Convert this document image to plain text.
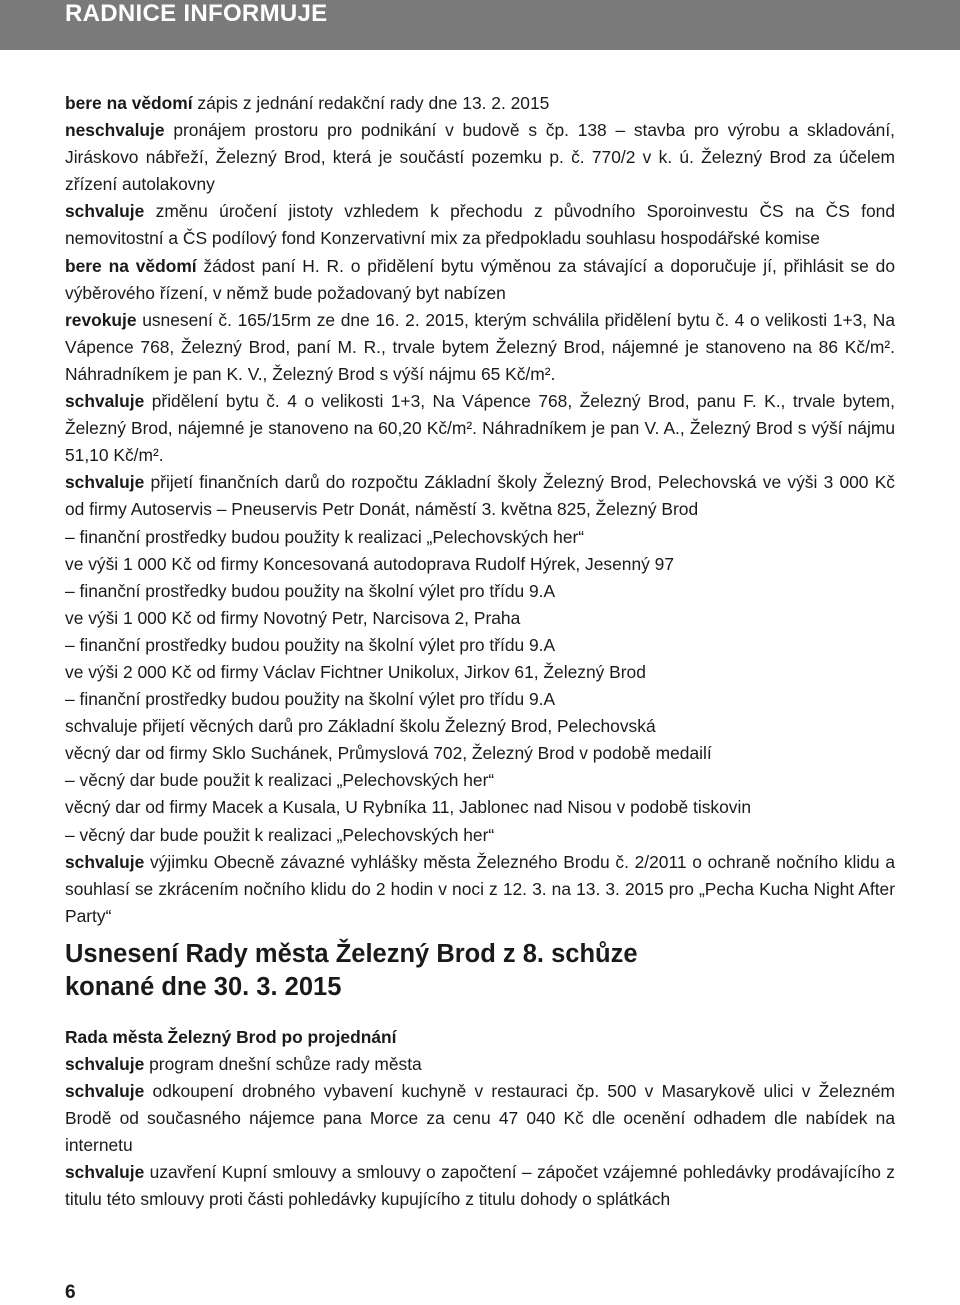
RADNICE INFORMUJE

bere na vědomí zápis z jednání redakční rady dne 13. 2. 2015

neschvaluje pronájem prostoru pro podnikání v budově s čp. 138 – stavba pro výrobu a skladování, Jiráskovo nábřeží, Železný Brod, která je součástí pozemku p. č. 770/2 v k. ú. Železný Brod za účelem zřízení autolakovny

schvaluje změnu úročení jistoty vzhledem k přechodu z původního Sporoinvestu ČS na ČS fond nemovitostní a ČS podílový fond Konzervativní mix za předpokladu souhlasu hospodářské komise

bere na vědomí žádost paní H. R. o přidělení bytu výměnou za stávající a doporučuje jí, přihlásit se do výběrového řízení, v němž bude požadovaný byt nabízen

revokuje usnesení č. 165/15rm ze dne 16. 2. 2015, kterým schválila přidělení bytu č. 4 o velikosti 1+3, Na Vápence 768, Železný Brod, paní M. R., trvale bytem Železný Brod, nájemné je stanoveno na 86 Kč/m². Náhradníkem je pan K. V., Železný Brod s výší nájmu 65 Kč/m².

schvaluje přidělení bytu č. 4 o velikosti 1+3, Na Vápence 768, Železný Brod, panu F. K., trvale bytem, Železný Brod, nájemné je stanoveno na 60,20 Kč/m². Náhradníkem je pan V. A., Železný Brod s výší nájmu 51,10 Kč/m².

schvaluje přijetí finančních darů do rozpočtu Základní školy Železný Brod, Pelechovská ve výši 3 000 Kč od firmy Autoservis – Pneuservis Petr Donát, náměstí 3. května 825, Železný Brod

– finanční prostředky budou použity k realizaci „Pelechovských her“

ve výši 1 000 Kč od firmy Koncesovaná autodoprava Rudolf Hýrek, Jesenný 97

– finanční prostředky budou použity na školní výlet pro třídu 9.A

ve výši 1 000 Kč od firmy Novotný Petr, Narcisova 2, Praha

– finanční prostředky budou použity na školní výlet pro třídu 9.A

ve výši 2 000 Kč od firmy Václav Fichtner Unikolux, Jirkov 61, Železný Brod

– finanční prostředky budou použity na školní výlet pro třídu 9.A

schvaluje přijetí věcných darů pro Základní školu Železný Brod, Pelechovská

věcný dar od firmy Sklo Suchánek, Průmyslová 702, Železný Brod v podobě medailí

– věcný dar bude použit k realizaci „Pelechovských her“

věcný dar od firmy Macek a Kusala, U Rybníka 11, Jablonec nad Nisou v podobě tiskovin

– věcný dar bude použit k realizaci „Pelechovských her“

schvaluje výjimku Obecně závazné vyhlášky města Železného Brodu č. 2/2011 o ochraně nočního klidu a souhlasí se zkrácením nočního klidu do 2 hodin v noci z 12. 3. na 13. 3. 2015 pro „Pecha Kucha Night After Party“

Usnesení Rady města Železný Brod z 8. schůze
konané dne 30. 3. 2015

Rada města Železný Brod po projednání

schvaluje program dnešní schůze rady města

schvaluje odkoupení drobného vybavení kuchyně v restauraci čp. 500 v Masarykově ulici v Železném Brodě od současného nájemce pana Morce za cenu 47 040 Kč dle ocenění odhadem dle nabídek na internetu

schvaluje uzavření Kupní smlouvy a smlouvy o započtení – zápočet vzájemné pohledávky prodávajícího z titulu této smlouvy proti části pohledávky kupujícího z titulu dohody o splátkách

6
